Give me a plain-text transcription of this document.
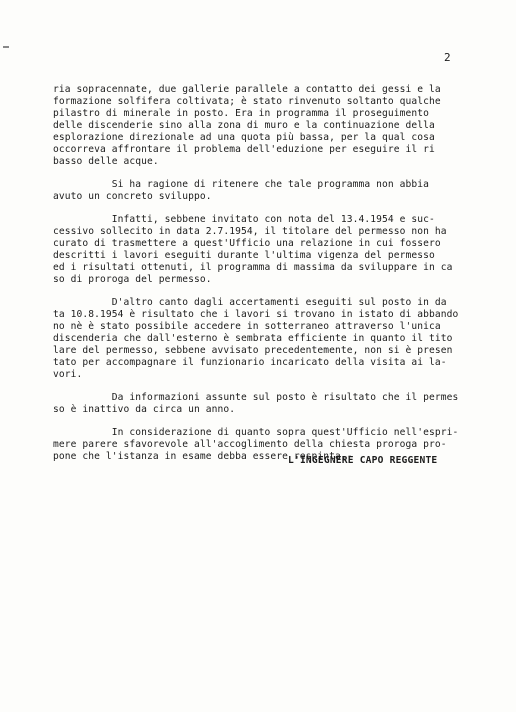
2
ria sopracennate, due gallerie parallele a contatto dei gessi e la
formazione solfifera coltivata; è stato rinvenuto soltanto qualche
pilastro di minerale in posto. Era in programma il proseguimento
delle discenderie sino alla zona di muro e la continuazione della
esplorazione direzionale ad una quota più bassa, per la qual cosa
occorreva affrontare il problema dell'eduzione per eseguire il ri
basso delle acque.
Si ha ragione di ritenere che tale programma non abbia
avuto un concreto sviluppo.
Infatti, sebbene invitato con nota del 13.4.1954 e suc-
cessivo sollecito in data 2.7.1954, il titolare del permesso non ha
curato di trasmettere a quest'Ufficio una relazione in cui fossero
descritti i lavori eseguiti durante l'ultima vigenza del permesso
ed i risultati ottenuti, il programma di massima da sviluppare in ca
so di proroga del permesso.
D'altro canto dagli accertamenti eseguiti sul posto in da
ta 10.8.1954 è risultato che i lavori si trovano in istato di abbando
no nè è stato possibile accedere in sotterraneo attraverso l'unica
discenderia che dall'esterno è sembrata efficiente in quanto il tito
lare del permesso, sebbene avvisato precedentemente, non si è presen
tato per accompagnare il funzionario incaricato della visita ai la-
vori.
Da informazioni assunte sul posto è risultato che il permes
so è inattivo da circa un anno.
In considerazione di quanto sopra quest'Ufficio nell'espri-
mere parere sfavorevole all'accoglimento della chiesta proroga pro-
pone che l'istanza in esame debba essere respinta.-
L'INGEGNERE CAPO REGGENTE
